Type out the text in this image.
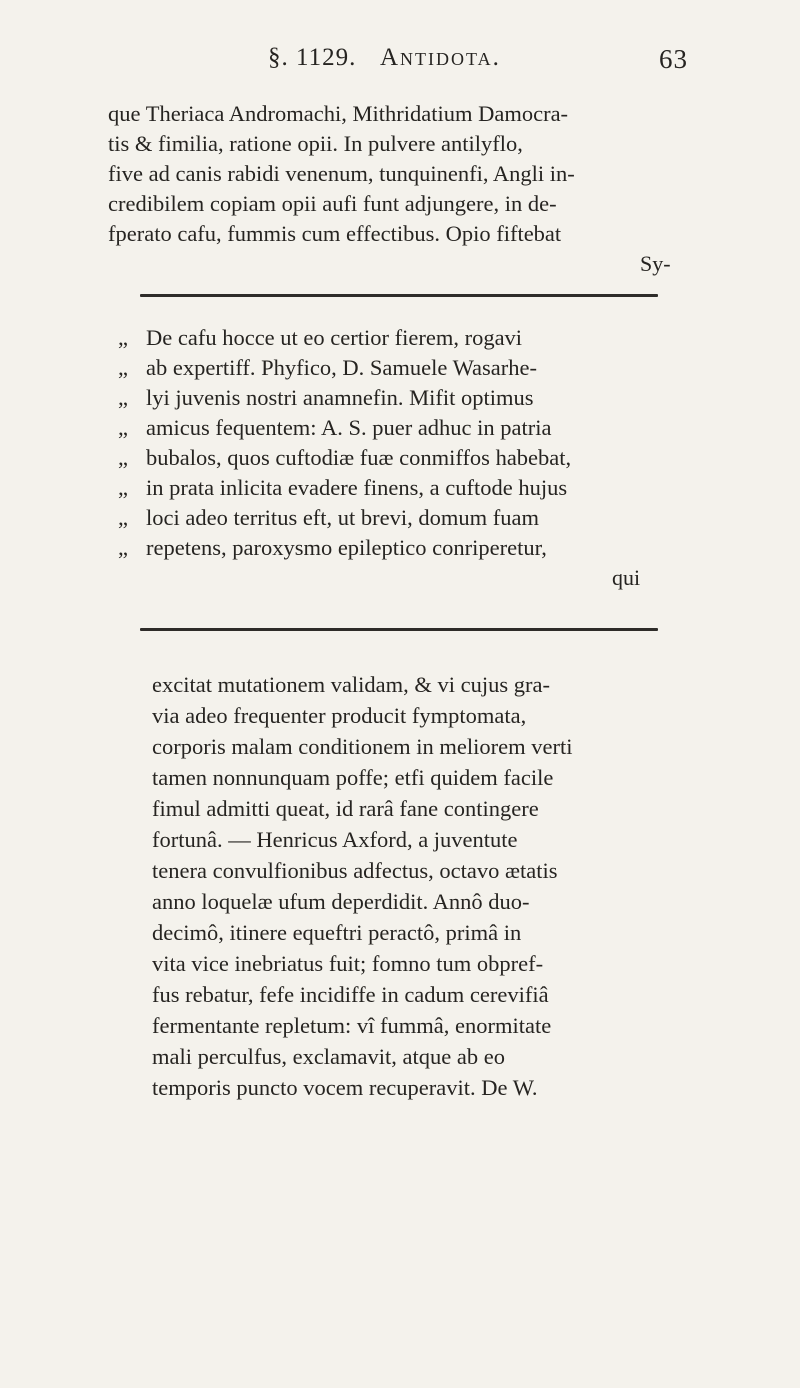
§. 1129. Antidota.	63
que Theriaca Andromachi, Mithridatium Damocra-
tis & fimilia, ratione opii. In pulvere antilyflo,
five ad canis rabidi venenum, tunquinenfi, Angli in-
credibilem copiam opii aufi funt adjungere, in de-
fperato cafu, fummis cum effectibus. Opio fiftebat
Sy-
„ De cafu hocce ut eo certior fierem, rogavi
„ ab expertiff. Phyfico, D. Samuele Wasarhe-
„ lyi juvenis nostri anamnefin. Mifit optimus
„ amicus fequentem: A. S. puer adhuc in patria
„ bubalos, quos cuftodiæ fuæ conmiffos habebat,
„ in prata inlicita evadere finens, a cuftode hujus
„ loci adeo territus eft, ut brevi, domum fuam
„ repetens, paroxysmo epileptico conriperetur,
qui
excitat mutationem validam, & vi cujus gra-
via adeo frequenter producit fymptomata,
corporis malam conditionem in meliorem verti
tamen nonnunquam poffe; etfi quidem facile
fimul admitti queat, id rarâ fane contingere
fortunâ. — Henricus Axford, a juventute
tenera convulfionibus adfectus, octavo ætatis
anno loquelæ ufum deperdidit. Annô duo-
decimô, itinere equeftri peractô, primâ in
vita vice inebriatus fuit; fomno tum obpref-
fus rebatur, fefe incidiffe in cadum cerevifiâ
fermentante repletum: vî fummâ, enormitate
mali perculfus, exclamavit, atque ab eo
temporis puncto vocem recuperavit. De W.
